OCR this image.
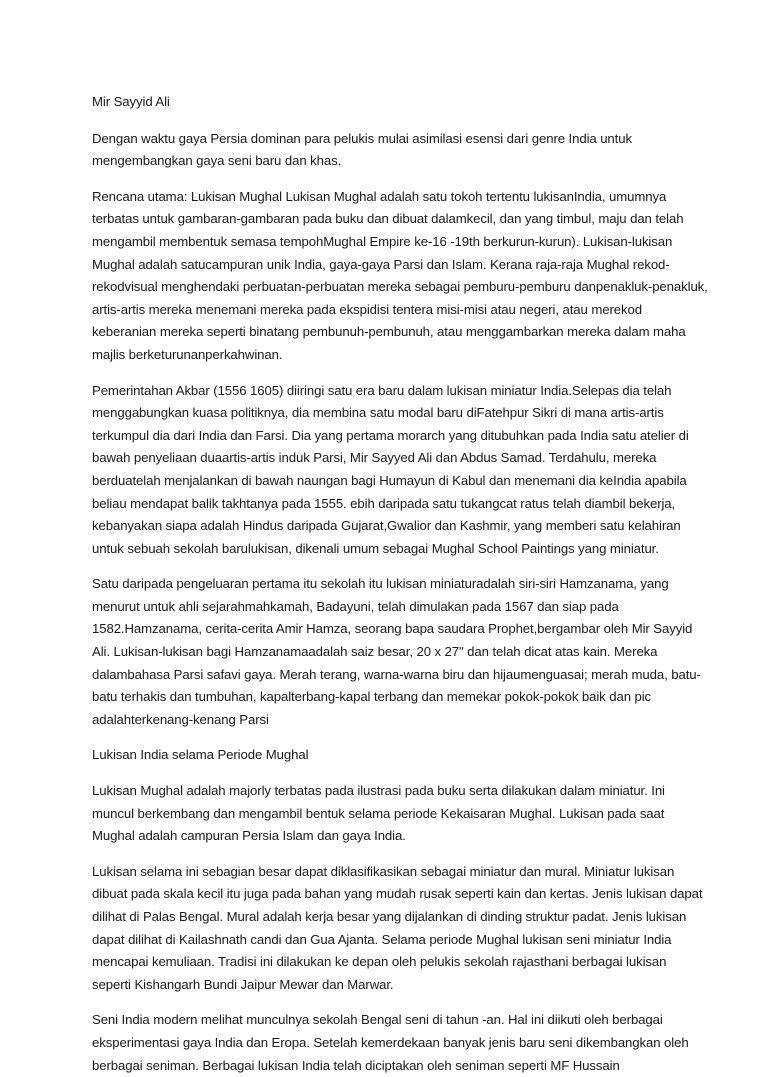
Mir Sayyid Ali

Dengan waktu gaya Persia dominan para pelukis mulai asimilasi esensi dari genre India untuk mengembangkan gaya seni baru dan khas.

Rencana utama: Lukisan Mughal Lukisan Mughal adalah satu tokoh tertentu lukisanIndia, umumnya terbatas untuk gambaran-gambaran pada buku dan dibuat dalamkecil, dan yang timbul, maju dan telah mengambil membentuk semasa tempohMughal Empire ke-16 -19th berkurun-kurun). Lukisan-lukisan Mughal adalah satucampuran unik India, gaya-gaya Parsi dan Islam. Kerana raja-raja Mughal rekod-rekodvisual menghendaki perbuatan-perbuatan mereka sebagai pemburu-pemburu danpenakluk-penakluk, artis-artis mereka menemani mereka pada ekspidisi tentera misi-misi atau negeri, atau merekod keberanian mereka seperti binatang pembunuh-pembunuh, atau menggambarkan mereka dalam maha majlis berketurunanperkahwinan.

Pemerintahan Akbar (1556 1605) diiringi satu era baru dalam lukisan miniatur India.Selepas dia telah menggabungkan kuasa politiknya, dia membina satu modal baru diFatehpur Sikri di mana artis-artis terkumpul dia dari India dan Farsi. Dia yang pertama morarch yang ditubuhkan pada India satu atelier di bawah penyeliaan duaartis-artis induk Parsi, Mir Sayyed Ali dan Abdus Samad. Terdahulu, mereka berduatelah menjalankan di bawah naungan bagi Humayun di Kabul dan menemani dia keIndia apabila beliau mendapat balik takhtanya pada 1555. ebih daripada satu tukangcat ratus telah diambil bekerja, kebanyakan siapa adalah Hindus daripada Gujarat,Gwalior dan Kashmir, yang memberi satu kelahiran untuk sebuah sekolah barulukisan, dikenali umum sebagai Mughal School Paintings yang miniatur.

Satu daripada pengeluaran pertama itu sekolah itu lukisan miniaturadalah siri-siri Hamzanama, yang menurut untuk ahli sejarahmahkamah, Badayuni, telah dimulakan pada 1567 dan siap pada 1582.Hamzanama, cerita-cerita Amir Hamza, seorang bapa saudara Prophet,bergambar oleh Mir Sayyid Ali. Lukisan-lukisan bagi Hamzanamaadalah saiz besar, 20 x 27" dan telah dicat atas kain. Mereka dalambahasa Parsi safavi gaya. Merah terang, warna-warna biru dan hijaumenguasai; merah muda, batu-batu terhakis dan tumbuhan, kapalterbang-kapal terbang dan memekar pokok-pokok baik dan pic adalahterkenang-kenang Parsi

Lukisan India selama Periode Mughal

Lukisan Mughal adalah majorly terbatas pada ilustrasi pada buku serta dilakukan dalam miniatur. Ini muncul berkembang dan mengambil bentuk selama periode Kekaisaran Mughal. Lukisan pada saat Mughal adalah campuran Persia Islam dan gaya India.

Lukisan selama ini sebagian besar dapat diklasifikasikan sebagai miniatur dan mural. Miniatur lukisan dibuat pada skala kecil itu juga pada bahan yang mudah rusak seperti kain dan kertas. Jenis lukisan dapat dilihat di Palas Bengal. Mural adalah kerja besar yang dijalankan di dinding struktur padat. Jenis lukisan dapat dilihat di Kailashnath candi dan Gua Ajanta. Selama periode Mughal lukisan seni miniatur India mencapai kemuliaan. Tradisi ini dilakukan ke depan oleh pelukis sekolah rajasthani berbagai lukisan seperti Kishangarh Bundi Jaipur Mewar dan Marwar.

Seni India modern melihat munculnya sekolah Bengal seni di tahun -an. Hal ini diikuti oleh berbagai eksperimentasi gaya India dan Eropa. Setelah kemerdekaan banyak jenis baru seni dikembangkan oleh berbagai seniman. Berbagai lukisan India telah diciptakan oleh seniman seperti MF Hussain
